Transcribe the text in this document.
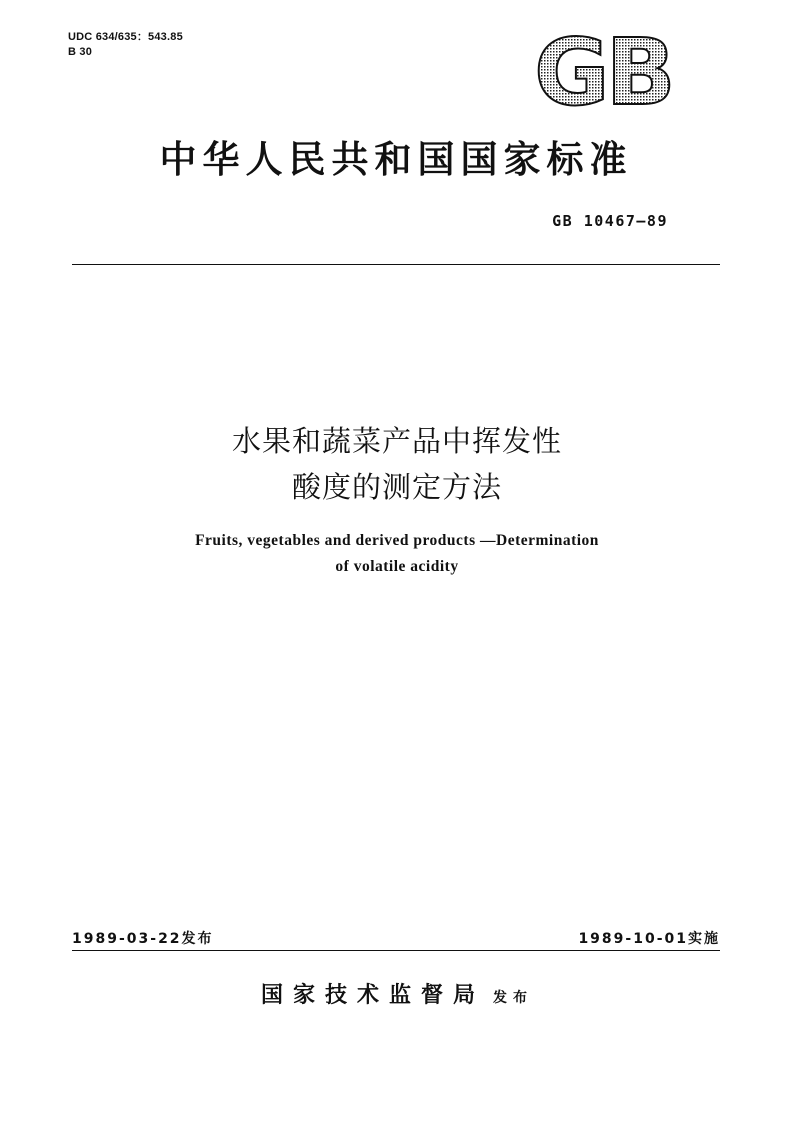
UDC 634/635：543.85
B 30	GB
中华人民共和国国家标准
GB 10467—89
水果和蔬菜产品中挥发性
酸度的测定方法
Fruits, vegetables and derived products —Determination
of volatile acidity
1989-03-22发布	1989-10-01实施
国家技术监督局 发布
